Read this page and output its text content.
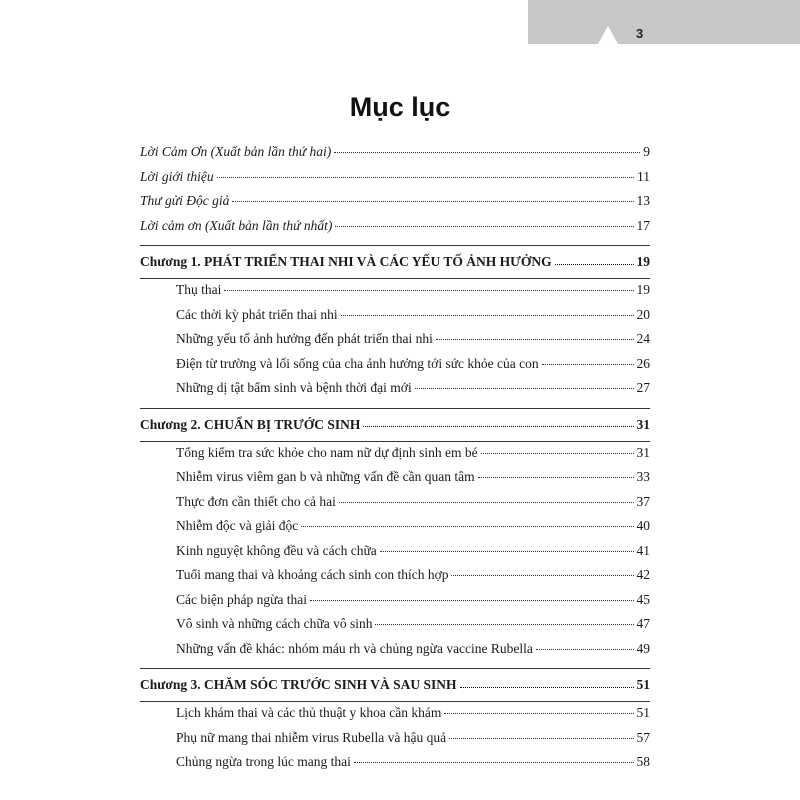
3
Mục lục
Lời Cảm Ơn (Xuất bản lần thứ hai)	9
Lời giới thiệu	11
Thư gửi Độc giả	13
Lời cảm ơn (Xuất bản lần thứ nhất)	17
Chương 1. PHÁT TRIỂN THAI NHI VÀ CÁC YẾU TỐ ẢNH HƯỞNG	19
Thụ thai	19
Các thời kỳ phát triển thai nhi	20
Những yếu tố ảnh hưởng đến phát triển thai nhi	24
Điện từ trường và lối sống của cha ảnh hưởng tới sức khỏe của con	26
Những dị tật bẩm sinh và bệnh thời đại mới	27
Chương 2. CHUẨN BỊ TRƯỚC SINH	31
Tổng kiểm tra sức khỏe cho nam nữ dự định sinh em bé	31
Nhiễm virus viêm gan b và những vấn đề cần quan tâm	33
Thực đơn cần thiết cho cả hai	37
Nhiễm độc và giải độc	40
Kinh nguyệt không đều và cách chữa	41
Tuổi mang thai và khoảng cách sinh con thích hợp	42
Các biện pháp ngừa thai	45
Vô sinh và những cách chữa vô sinh	47
Những vấn đề khác: nhóm máu rh và chủng ngừa vaccine Rubella	49
Chương 3. CHĂM SÓC TRƯỚC SINH VÀ SAU SINH	51
Lịch khám thai và các thủ thuật y khoa cần khám	51
Phụ nữ mang thai nhiễm virus Rubella và hậu quả	57
Chủng ngừa trong lúc mang thai	58
